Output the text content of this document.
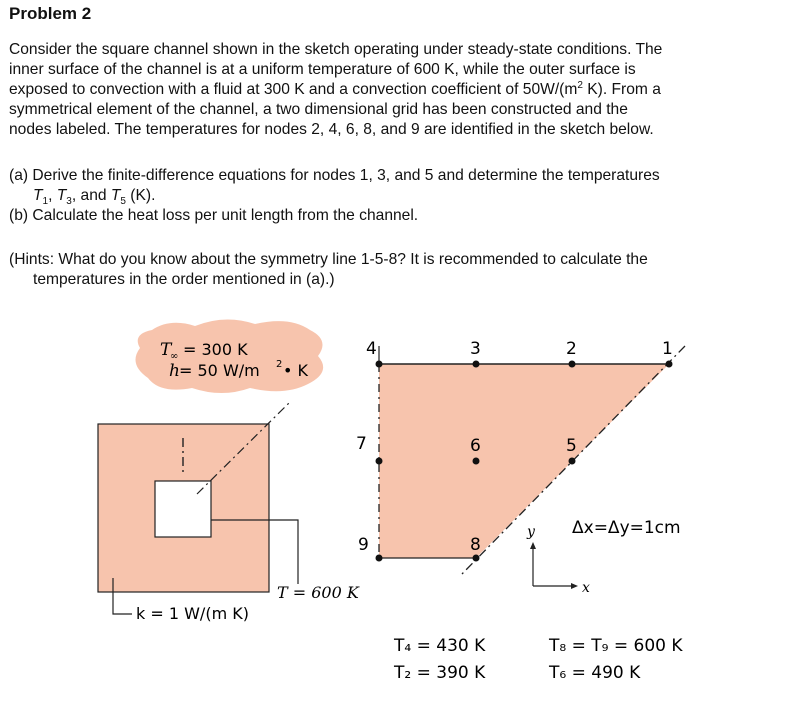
Problem 2
Consider the square channel shown in the sketch operating under steady-state conditions. The
inner surface of the channel is at a uniform temperature of 600 K, while the outer surface is
exposed to convection with a fluid at 300 K and a convection coefficient of $50W/(m^2$ K). From a
symmetrical element of the channel, a two dimensional grid has been constructed and the
nodes labeled. The temperatures for nodes 2, 4, 6, 8, and 9 are identified in the sketch below.
(a) Derive the finite-difference equations for nodes 1, 3, and 5 and determine the temperatures
$T_1$, $T_3$, and $T_5$ (K).
(b) Calculate the heat loss per unit length from the channel.
(Hints: What do you know about the symmetry line 1-5-8? It is recommended to calculate the
temperatures in the order mentioned in (a).)
T
∞ = 300 K
h = 50 W/m 2 • K
T = 600 K
k = 1 W/(m K)
4	3	2	1
7	6	5
9	8
Δx=Δy=1cm
y
x
T₄ = 430 K
T₂ = 390 K
T₈ = T₉ = 600 K
T₆ = 490 K
